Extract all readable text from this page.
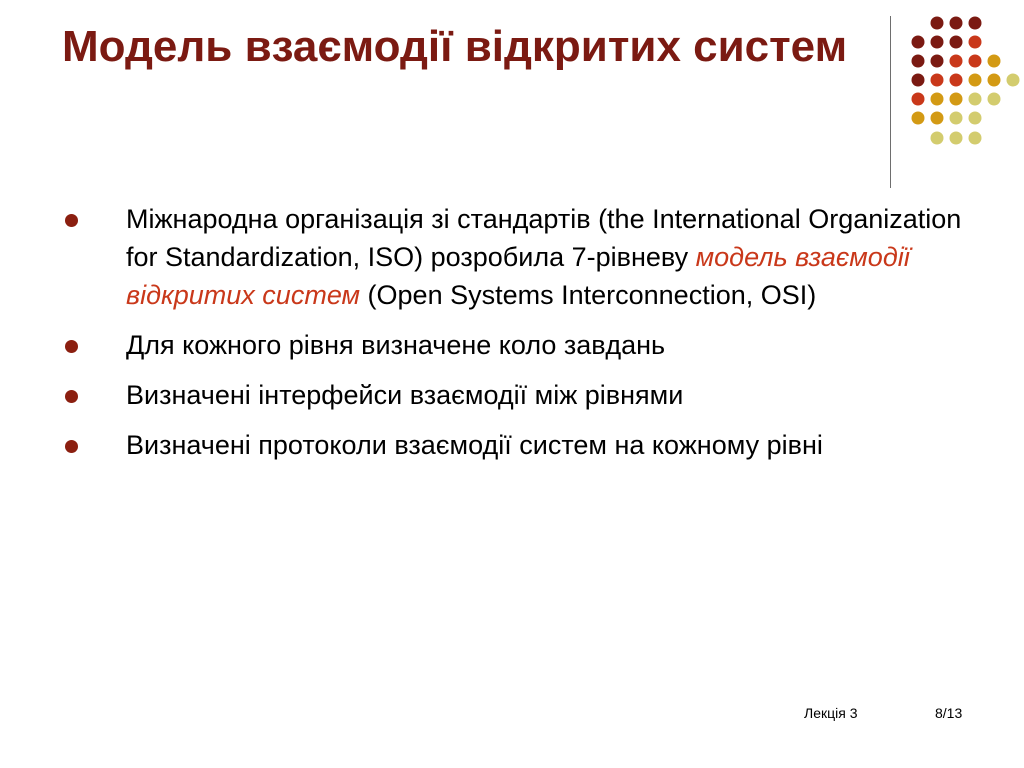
Модель взаємодії відкритих систем
Міжнародна організація зі стандартів (the International Organization for Standardization, ISO) розробила 7-рівневу модель взаємодії відкритих систем (Open Systems Interconnection, OSI)
Для кожного рівня визначене коло завдань
Визначені інтерфейси взаємодії між рівнями
Визначені протоколи взаємодії систем на кожному рівні
Лекція 3	8/13
